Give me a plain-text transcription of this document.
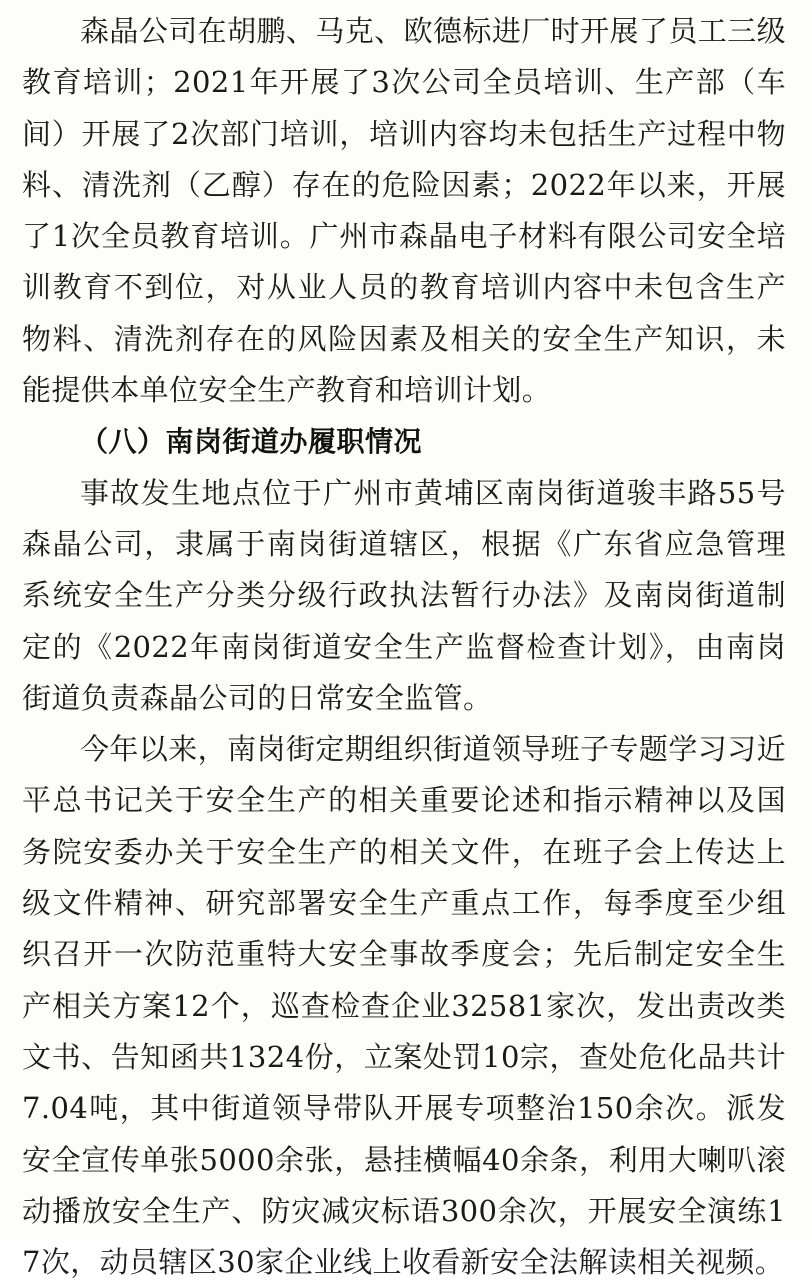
森晶公司在胡鹏、马克、欧德标进厂时开展了员工三级教育培训；2021年开展了3次公司全员培训、生产部（车间）开展了2次部门培训，培训内容均未包括生产过程中物料、清洗剂（乙醇）存在的危险因素；2022年以来，开展了1次全员教育培训。广州市森晶电子材料有限公司安全培训教育不到位，对从业人员的教育培训内容中未包含生产物料、清洗剂存在的风险因素及相关的安全生产知识，未能提供本单位安全生产教育和培训计划。

（八）南岗街道办履职情况

事故发生地点位于广州市黄埔区南岗街道骏丰路55号森晶公司，隶属于南岗街道辖区，根据《广东省应急管理系统安全生产分类分级行政执法暂行办法》及南岗街道制定的《2022年南岗街道安全生产监督检查计划》，由南岗街道负责森晶公司的日常安全监管。

今年以来，南岗街定期组织街道领导班子专题学习习近平总书记关于安全生产的相关重要论述和指示精神以及国务院安委办关于安全生产的相关文件，在班子会上传达上级文件精神、研究部署安全生产重点工作，每季度至少组织召开一次防范重特大安全事故季度会；先后制定安全生产相关方案12个，巡查检查企业32581家次，发出责改类文书、告知函共1324份，立案处罚10宗，查处危化品共计7.04吨，其中街道领导带队开展专项整治150余次。派发安全宣传单张5000余张，悬挂横幅40余条，利用大喇叭滚动播放安全生产、防灾减灾标语300余次，开展安全演练17次，动员辖区30家企业线上收看新安全法解读相关视频。
